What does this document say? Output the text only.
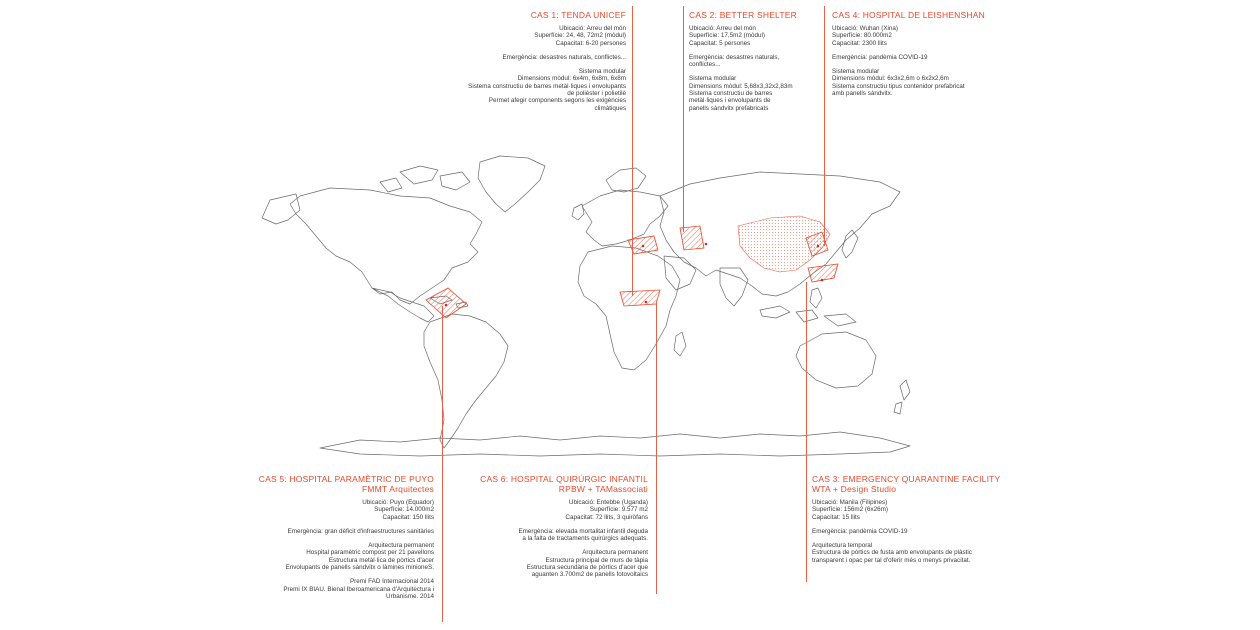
CAS 1: TENDA UNICEF
Ubicació: Arreu del món
Superfície: 24, 48, 72m2 (mòdul)
Capacitat: 6-20 persones
Emergència: desastres naturals, conflictes...
Sistema modular
Dimensions mòdul: 6x4m, 6x8m, 6x8m
Sistema constructiu de barres metàl·liques i envolupants
de polièster i polietilè
Permet afegir components segons les exigències
climàtiques
CAS 2: BETTER SHELTER
Ubicació: Arreu del món
Superfície: 17,5m2 (mòdul)
Capacitat: 5 persones
Emergència: desastres naturals,
conflictes...
Sistema modular
Dimensions mòdul: 5,68x3,32x2,83m
Sistema constructiu de barres
metàl·liques i envolupants de
panells sàndvitx prefabricats
CAS 4: HOSPITAL DE LEISHENSHAN
Ubicació: Wuhan (Xina)
Superfície: 80.000m2
Capacitat: 2300 llits
Emergència: pandèmia COVID-19
Sistema modular
Dimensions mòdul: 6x3x2,6m o 6x2x2,6m
Sistema constructiu tipus contenidor prefabricat
amb panells sàndvitx.
CAS 5: HOSPITAL PARAMÈTRIC DE PUYO
FMMT Arquitectes
Ubicació: Puyo (Equador)
Superfície: 14.000m2
Capacitat: 150 llits
Emergència: gran dèficit d'infraestructures sanitàries
Arquitectura permanent
Hospital paramètric compost per 21 pavellons
Estructura metàl·lica de pòrtics d'acer
Envolupants de panells sàndvitx o làmines minioneS.
Premi FAD Internacional 2014
Premi IX BIAU. Bienal Iberoamericana d'Arquitectura i
Urbanisme. 2014
CAS 6: HOSPITAL QUIRÚRGIC INFANTIL
RPBW + TAMassociati
Ubicació: Entebbe (Uganda)
Superfície: 9.577 m2
Capacitat: 72 llits, 3 quiròfans
Emergència: elevada mortalitat infantil deguda
a la falta de tractaments quirúrgics adequats.
Arquitectura permanent
Estructura principal de murs de tàpia
Estructura secundària de pòrtics d'acer que
aguanten 3.700m2 de panells fotovoltaics
CAS 3: EMERGENCY QUARANTINE FACILITY
WTA + Design Studio
Ubicació: Manila (Filipines)
Superfície: 156m2 (6x26m)
Capacitat: 15 llits
Emergència: pandèmia COVID-19
Arquitectura temporal
Estructura de pòrtics de fusta amb envolupants de plàstic
transparent i opac per tal d'oferir més o menys privacitat.
